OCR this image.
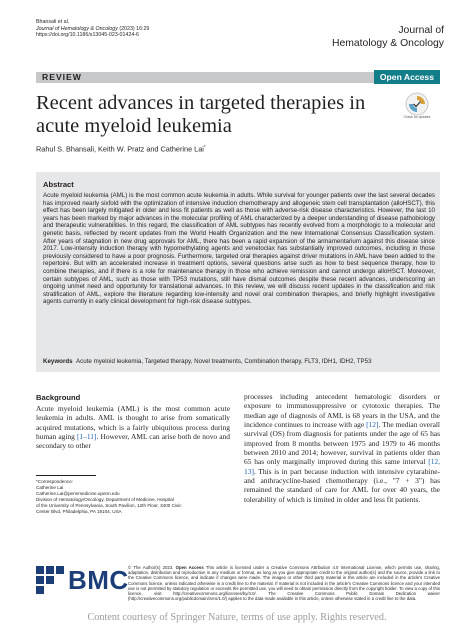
Bhansali et al.
Journal of Hematology & Oncology (2023) 16:29
https://doi.org/10.1186/s13045-023-01424-6	Journal of
Hematology & Oncology
REVIEW	Open Access
Check for updates
Recent advances in targeted therapies in acute myeloid leukemia
Rahul S. Bhansali, Keith W. Pratz and Catherine Lai*
Abstract
Acute myeloid leukemia (AML) is the most common acute leukemia in adults. While survival for younger patients over the last several decades has improved nearly sixfold with the optimization of intensive induction chemotherapy and allogeneic stem cell transplantation (alloHSCT), this effect has been largely mitigated in older and less fit patients as well as those with adverse-risk disease characteristics. However, the last 10 years has been marked by major advances in the molecular profiling of AML characterized by a deeper understanding of disease pathobiology and therapeutic vulnerabilities. In this regard, the classification of AML subtypes has recently evolved from a morphologic to a molecular and genetic basis, reflected by recent updates from the World Health Organization and the new International Consensus Classification system. After years of stagnation in new drug approvals for AML, there has been a rapid expansion of the armamentarium against this disease since 2017. Low-intensity induction therapy with hypomethylating agents and venetoclax has substantially improved outcomes, including in those previously considered to have a poor prognosis. Furthermore, targeted oral therapies against driver mutations in AML have been added to the repertoire. But with an accelerated increase in treatment options, several questions arise such as how to best sequence therapy, how to combine therapies, and if there is a role for maintenance therapy in those who achieve remission and cannot undergo alloHSCT. Moreover, certain subtypes of AML, such as those with TP53 mutations, still have dismal outcomes despite these recent advances, underscoring an ongoing unmet need and opportunity for translational advances. In this review, we will discuss recent updates in the classification and risk stratification of AML, explore the literature regarding low-intensity and novel oral combination therapies, and briefly highlight investigative agents currently in early clinical development for high-risk disease subtypes.
Keywords Acute myeloid leukemia, Targeted therapy, Novel treatments, Combination therapy, FLT3, IDH1, IDH2, TP53
Background
Acute myeloid leukemia (AML) is the most common acute leukemia in adults. AML is thought to arise from somatically acquired mutations, which is a fairly ubiquitous process during human aging [1–11]. However, AML can arise both de novo and secondary to other
processes including antecedent hematologic disorders or exposure to immunosuppressive or cytotoxic therapies. The median age of diagnosis of AML is 68 years in the USA, and the incidence continues to increase with age [12]. The median overall survival (OS) from diagnosis for patients under the age of 65 has improved from 8 months between 1975 and 1979 to 46 months between 2010 and 2014; however, survival in patients older than 65 has only marginally improved during this same interval [12, 13]. This is in part because induction with intensive cytarabine- and anthracycline-based chemotherapy (i.e., "7 + 3") has remained the standard of care for AML for over 40 years, the tolerability of which is limited in older and less fit patients.
*Correspondence:
Catherine Lai
Catherine.Lai@pennmedicine.upenn.edu
Division of Hematology/Oncology, Department of Medicine, Hospital
of the University of Pennsylvania, South Pavilion, 12th Floor, 3400 Civic
Center Blvd, Philadelphia, PA 19104, USA
BMC © The Author(s) 2023. Open Access This article is licensed under a Creative Commons Attribution 4.0 International License, which permits use, sharing, adaptation, distribution and reproduction in any medium or format, as long as you give appropriate credit to the original author(s) and the source, provide a link to the Creative Commons licence, and indicate if changes were made. The images or other third party material in this article are included in the article's Creative Commons licence, unless indicated otherwise in a credit line to the material. If material is not included in the article's Creative Commons licence and your intended use is not permitted by statutory regulation or exceeds the permitted use, you will need to obtain permission directly from the copyright holder. To view a copy of this licence, visit http://creativecommons.org/licenses/by/4.0/. The Creative Commons Public Domain Dedication waiver (http://creativecommons.org/publicdomain/zero/1.0/) applies to the data made available in this article, unless otherwise stated in a credit line to the data.
Content courtesy of Springer Nature, terms of use apply. Rights reserved.
